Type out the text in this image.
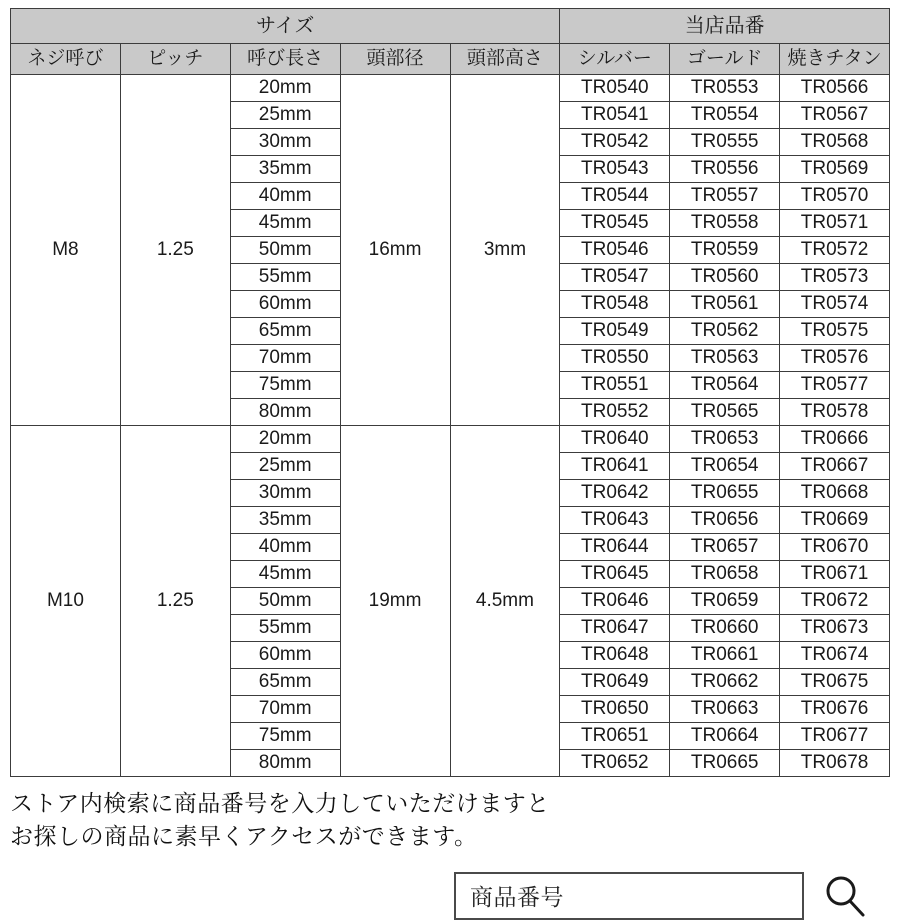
サイズ					当店品番		
ネジ呼び	ピッチ	呼び長さ	頭部径	頭部高さ	シルバー	ゴールド	焼きチタン
M8	1.25	20mm	16mm	3mm	TR0540	TR0553	TR0566
		25mm			TR0541	TR0554	TR0567
		30mm			TR0542	TR0555	TR0568
		35mm			TR0543	TR0556	TR0569
		40mm			TR0544	TR0557	TR0570
		45mm			TR0545	TR0558	TR0571
		50mm			TR0546	TR0559	TR0572
		55mm			TR0547	TR0560	TR0573
		60mm			TR0548	TR0561	TR0574
		65mm			TR0549	TR0562	TR0575
		70mm			TR0550	TR0563	TR0576
		75mm			TR0551	TR0564	TR0577
		80mm			TR0552	TR0565	TR0578
M10	1.25	20mm	19mm	4.5mm	TR0640	TR0653	TR0666
		25mm			TR0641	TR0654	TR0667
		30mm			TR0642	TR0655	TR0668
		35mm			TR0643	TR0656	TR0669
		40mm			TR0644	TR0657	TR0670
		45mm			TR0645	TR0658	TR0671
		50mm			TR0646	TR0659	TR0672
		55mm			TR0647	TR0660	TR0673
		60mm			TR0648	TR0661	TR0674
		65mm			TR0649	TR0662	TR0675
		70mm			TR0650	TR0663	TR0676
		75mm			TR0651	TR0664	TR0677
		80mm			TR0652	TR0665	TR0678
ストア内検索に商品番号を入力していただけますと
お探しの商品に素早くアクセスができます。
商品番号
